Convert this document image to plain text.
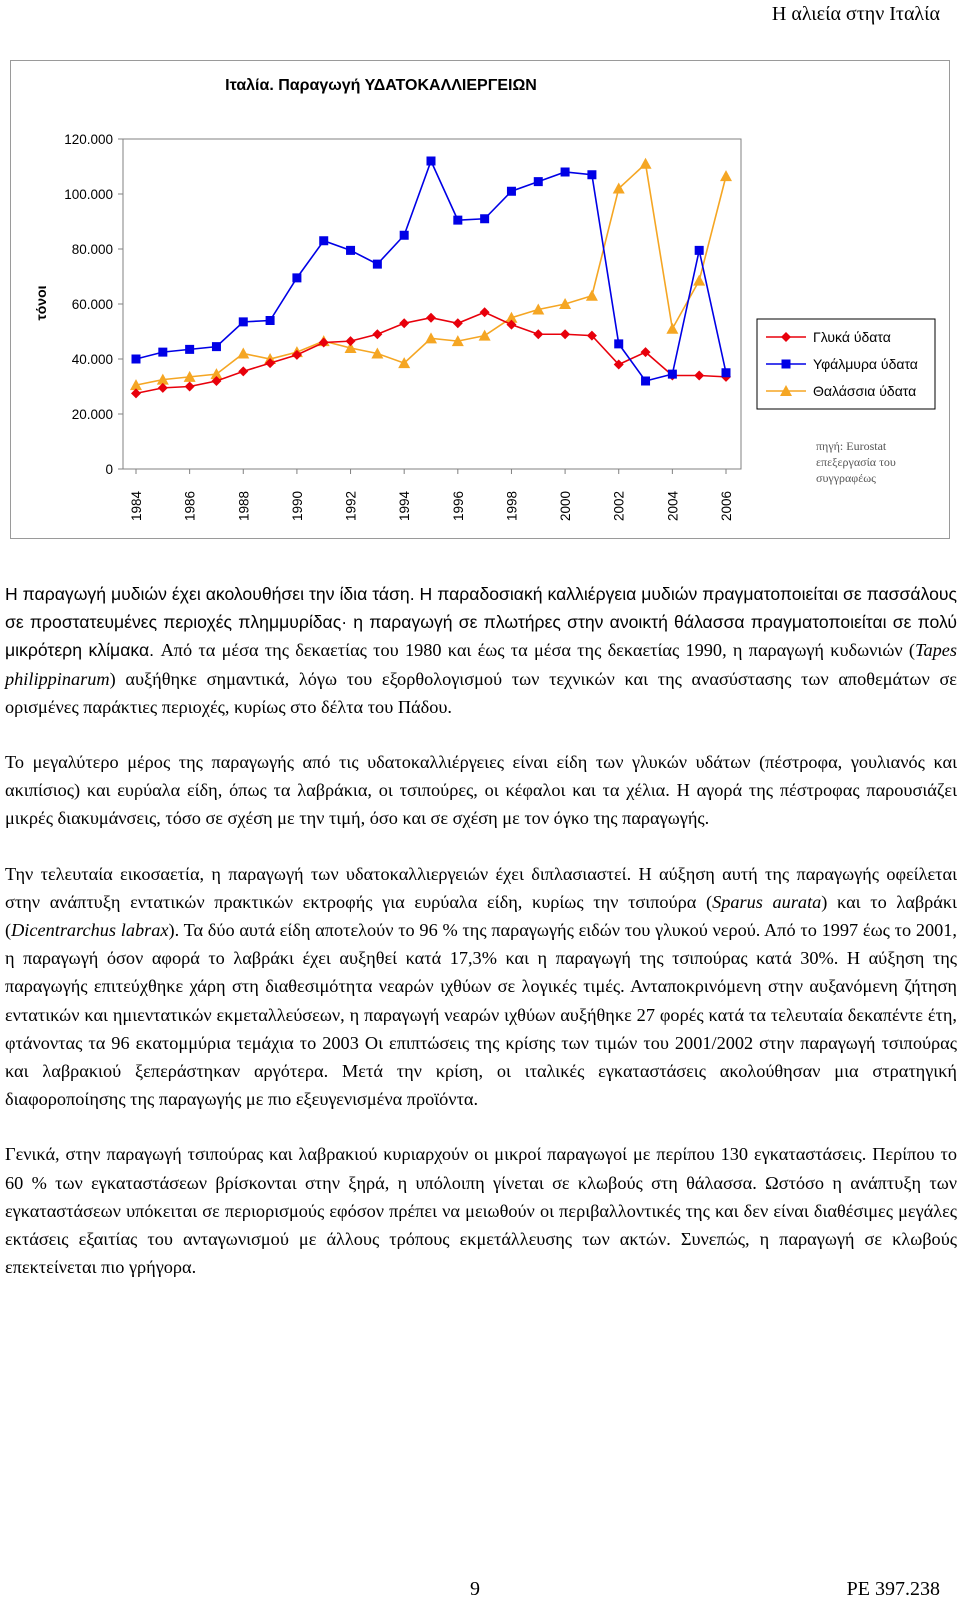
Η αλιεία στην Ιταλία
Ιταλία. Παραγωγή ΥΔΑΤΟΚΑΛΛΙΕΡΓΕΙΩΝ
τόνοι
0
20.000
40.000
60.000
80.000
100.000
120.000
1984	1986	1988	1990	1992	1994	1996	1998	2000	2002	2004	2006
Γλυκά ύδατα
Υφάλμυρα ύδατα
Θαλάσσια ύδατα
πηγή: Eurostat
επεξεργασία του
συγγραφέως

Η παραγωγή μυδιών έχει ακολουθήσει την ίδια τάση. Η παραδοσιακή καλλιέργεια μυδιών πραγματοποιείται σε πασσάλους σε προστατευμένες περιοχές πλημμυρίδας· η παραγωγή σε πλωτήρες στην ανοικτή θάλασσα πραγματοποιείται σε πολύ μικρότερη κλίμακα. Από τα μέσα της δεκαετίας του 1980 και έως τα μέσα της δεκαετίας 1990, η παραγωγή κυδωνιών (Tapes philippinarum) αυξήθηκε σημαντικά, λόγω του εξορθολογισμού των τεχνικών και της ανασύστασης των αποθεμάτων σε ορισμένες παράκτιες περιοχές, κυρίως στο δέλτα του Πάδου.

Το μεγαλύτερο μέρος της παραγωγής από τις υδατοκαλλιέργειες είναι είδη των γλυκών υδάτων (πέστροφα, γουλιανός και ακιπίσιος) και ευρύαλα είδη, όπως τα λαβράκια, οι τσιπούρες, οι κέφαλοι και τα χέλια. Η αγορά της πέστροφας παρουσιάζει μικρές διακυμάνσεις, τόσο σε σχέση με την τιμή, όσο και σε σχέση με τον όγκο της παραγωγής.

Την τελευταία εικοσαετία, η παραγωγή των υδατοκαλλιεργειών έχει διπλασιαστεί. Η αύξηση αυτή της παραγωγής οφείλεται στην ανάπτυξη εντατικών πρακτικών εκτροφής για ευρύαλα είδη, κυρίως την τσιπούρα (Sparus aurata) και το λαβράκι (Dicentrarchus labrax). Τα δύο αυτά είδη αποτελούν το 96 % της παραγωγής ειδών του γλυκού νερού. Από το 1997 έως το 2001, η παραγωγή όσον αφορά το λαβράκι έχει αυξηθεί κατά 17,3% και η παραγωγή της τσιπούρας κατά 30%. Η αύξηση της παραγωγής επιτεύχθηκε χάρη στη διαθεσιμότητα νεαρών ιχθύων σε λογικές τιμές. Ανταποκρινόμενη στην αυξανόμενη ζήτηση εντατικών και ημιεντατικών εκμεταλλεύσεων, η παραγωγή νεαρών ιχθύων αυξήθηκε 27 φορές κατά τα τελευταία δεκαπέντε έτη, φτάνοντας τα 96 εκατομμύρια τεμάχια το 2003 Οι επιπτώσεις της κρίσης των τιμών του 2001/2002 στην παραγωγή τσιπούρας και λαβρακιού ξεπεράστηκαν αργότερα. Μετά την κρίση, οι ιταλικές εγκαταστάσεις ακολούθησαν μια στρατηγική διαφοροποίησης της παραγωγής με πιο εξευγενισμένα προϊόντα.

Γενικά, στην παραγωγή τσιπούρας και λαβρακιού κυριαρχούν οι μικροί παραγωγοί με περίπου 130 εγκαταστάσεις. Περίπου το 60 % των εγκαταστάσεων βρίσκονται στην ξηρά, η υπόλοιπη γίνεται σε κλωβούς στη θάλασσα. Ωστόσο η ανάπτυξη των εγκαταστάσεων υπόκειται σε περιορισμούς εφόσον πρέπει να μειωθούν οι περιβαλλοντικές της και δεν είναι διαθέσιμες μεγάλες εκτάσεις εξαιτίας του ανταγωνισμού με άλλους τρόπους εκμετάλλευσης των ακτών. Συνεπώς, η παραγωγή σε κλωβούς επεκτείνεται πιο γρήγορα.

9	PE 397.238
